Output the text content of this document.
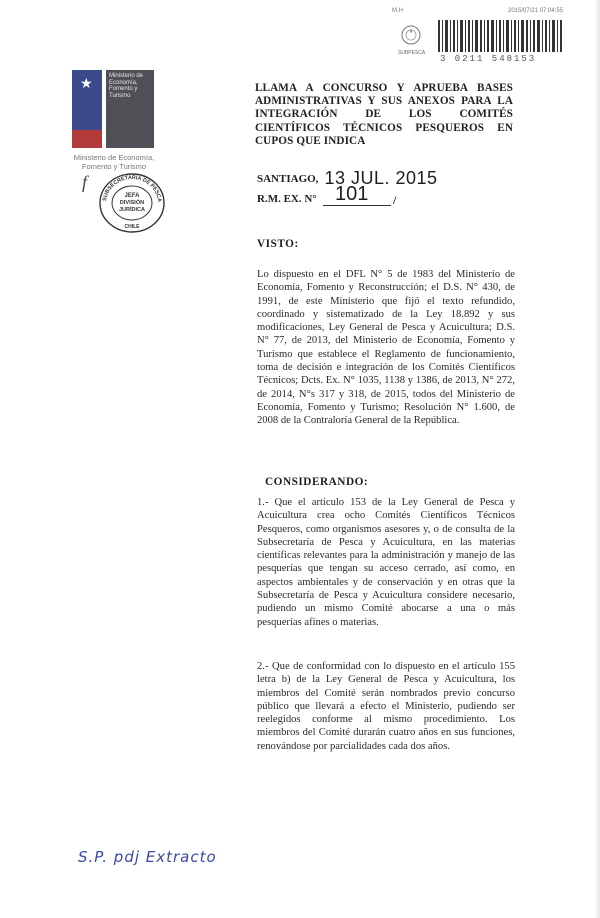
M.H	2015/07/21 07:04:55
SUBPESCA
3 0211 548153
★
Ministerio de Economía, Fomento y Turismo
Ministerio de Economía, Fomento y Turismo
f
SUBSECRETARIA DE PESCA
JEFA
DIVISIÓN
JURÍDICA
CHILE
LLAMA A CONCURSO Y APRUEBA BASES
ADMINISTRATIVAS Y SUS ANEXOS PARA LA
INTEGRACIÓN DE LOS COMITÉS
CIENTÍFICOS TÉCNICOS PESQUEROS EN
CUPOS QUE INDICA
SANTIAGO, 13 JUL. 2015
R.M. EX. N° 101 /
VISTO:
Lo dispuesto en el DFL N° 5 de 1983 del Ministerio de Economía, Fomento y Reconstrucción; el D.S. N° 430, de 1991, de este Ministerio que fijó el texto refundido, coordinado y sistematizado de la Ley 18.892 y sus modificaciones, Ley General de Pesca y Acuicultura; D.S. N° 77, de 2013, del Ministerio de Economía, Fomento y Turismo que establece el Reglamento de funcionamiento, toma de decisión e integración de los Comités Científicos Técnicos; Dcts. Ex. N° 1035, 1138 y 1386, de 2013, N° 272, de 2014, N°s 317 y 318, de 2015, todos del Ministerio de Economía, Fomento y Turismo; Resolución N° 1.600, de 2008 de la Contraloría General de la República.
CONSIDERANDO:
1.- Que el artículo 153 de la Ley General de Pesca y Acuicultura crea ocho Comités Científicos Técnicos Pesqueros, como organismos asesores y, o de consulta de la Subsecretaría de Pesca y Acuicultura, en las materias científicas relevantes para la administración y manejo de las pesquerías que tengan su acceso cerrado, así como, en aspectos ambientales y de conservación y en otras que la Subsecretaría de Pesca y Acuicultura considere necesario, pudiendo un mismo Comité abocarse a una o más pesquerías afines o materias.
2.- Que de conformidad con lo dispuesto en el artículo 155 letra b) de la Ley General de Pesca y Acuicultura, los miembros del Comité serán nombrados previo concurso público que llevará a efecto el Ministerio, pudiendo ser reelegidos conforme al mismo procedimiento. Los miembros del Comité durarán cuatro años en sus funciones, renovándose por parcialidades cada dos años.
S.P. pdj Extracto
